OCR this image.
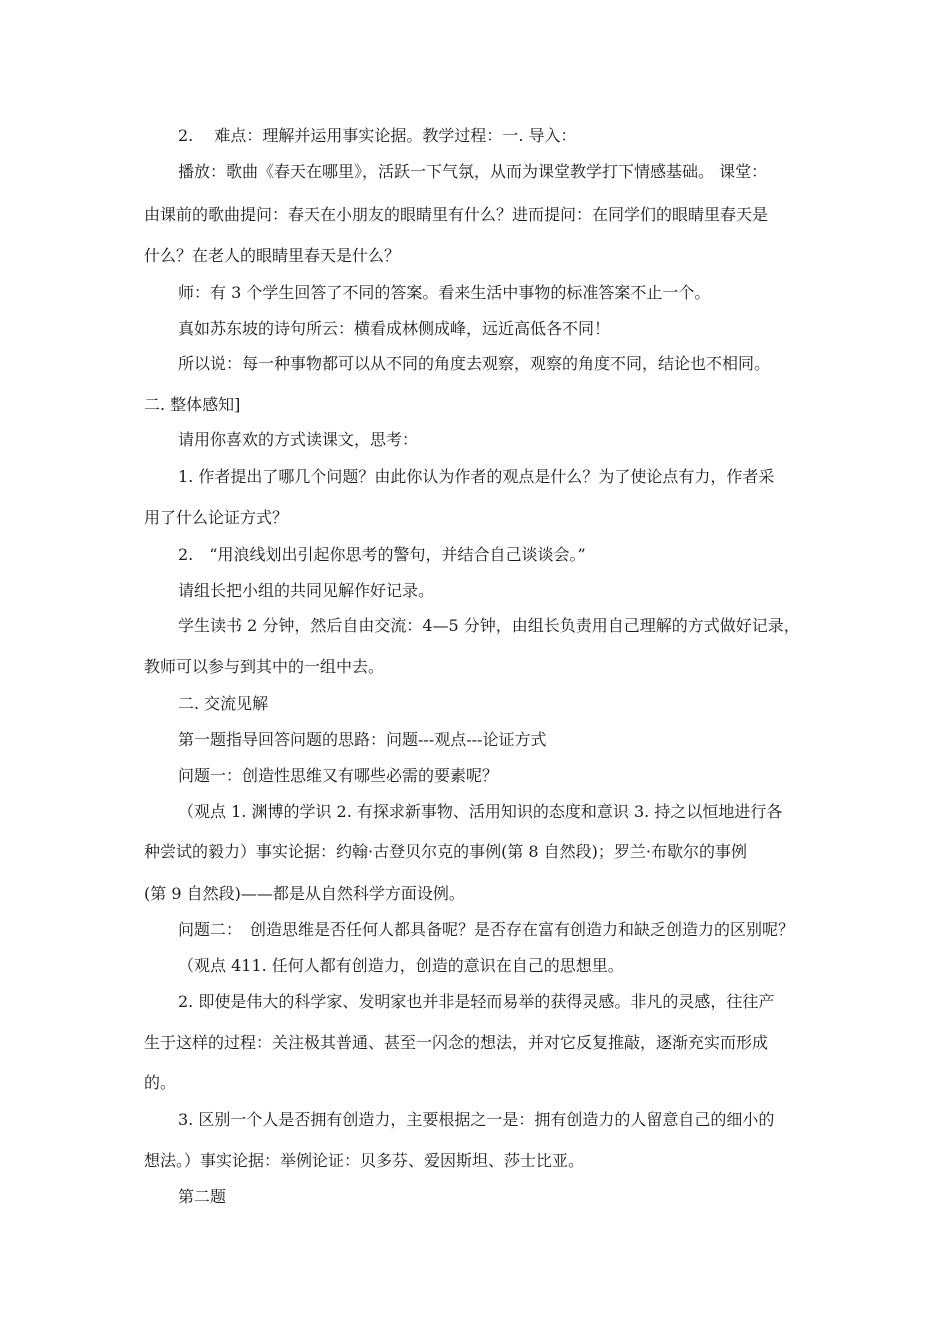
2.　 难点：理解并运用事实论据。教学过程：一. 导入：
播放：歌曲《春天在哪里》，活跃一下气氛，从而为课堂教学打下情感基础。 课堂：
由课前的歌曲提问：春天在小朋友的眼睛里有什么？进而提问：在同学们的眼睛里春天是
什么？在老人的眼睛里春天是什么？
师：有 3 个学生回答了不同的答案。看来生活中事物的标准答案不止一个。
真如苏东坡的诗句所云：横看成林侧成峰，远近高低各不同！
所以说：每一种事物都可以从不同的角度去观察，观察的角度不同，结论也不相同。
二. 整体感知]
请用你喜欢的方式读课文，思考：
1. 作者提出了哪几个问题？由此你认为作者的观点是什么？为了使论点有力，作者采
用了什么论证方式？
2.　“用浪线划出引起你思考的警句，并结合自己谈谈会。”
请组长把小组的共同见解作好记录。
学生读书 2 分钟，然后自由交流：4—5 分钟，由组长负责用自己理解的方式做好记录，
教师可以参与到其中的一组中去。
二. 交流见解
第一题指导回答问题的思路：问题---观点---论证方式
问题一：创造性思维又有哪些必需的要素呢？
（观点 1. 渊博的学识 2. 有探求新事物、活用知识的态度和意识 3. 持之以恒地进行各
种尝试的毅力）事实论据：约翰·古登贝尔克的事例(第 8 自然段)；罗兰·布歇尔的事例
(第 9 自然段)——都是从自然科学方面设例。
问题二：　创造思维是否任何人都具备呢？是否存在富有创造力和缺乏创造力的区别呢？
（观点 411. 任何人都有创造力，创造的意识在自己的思想里。
2. 即使是伟大的科学家、发明家也并非是轻而易举的获得灵感。非凡的灵感，往往产
生于这样的过程：关注极其普通、甚至一闪念的想法，并对它反复推敲，逐渐充实而形成
的。
3. 区别一个人是否拥有创造力，主要根据之一是：拥有创造力的人留意自己的细小的
想法。）事实论据：举例论证：贝多芬、爱因斯坦、莎士比亚。
第二题
